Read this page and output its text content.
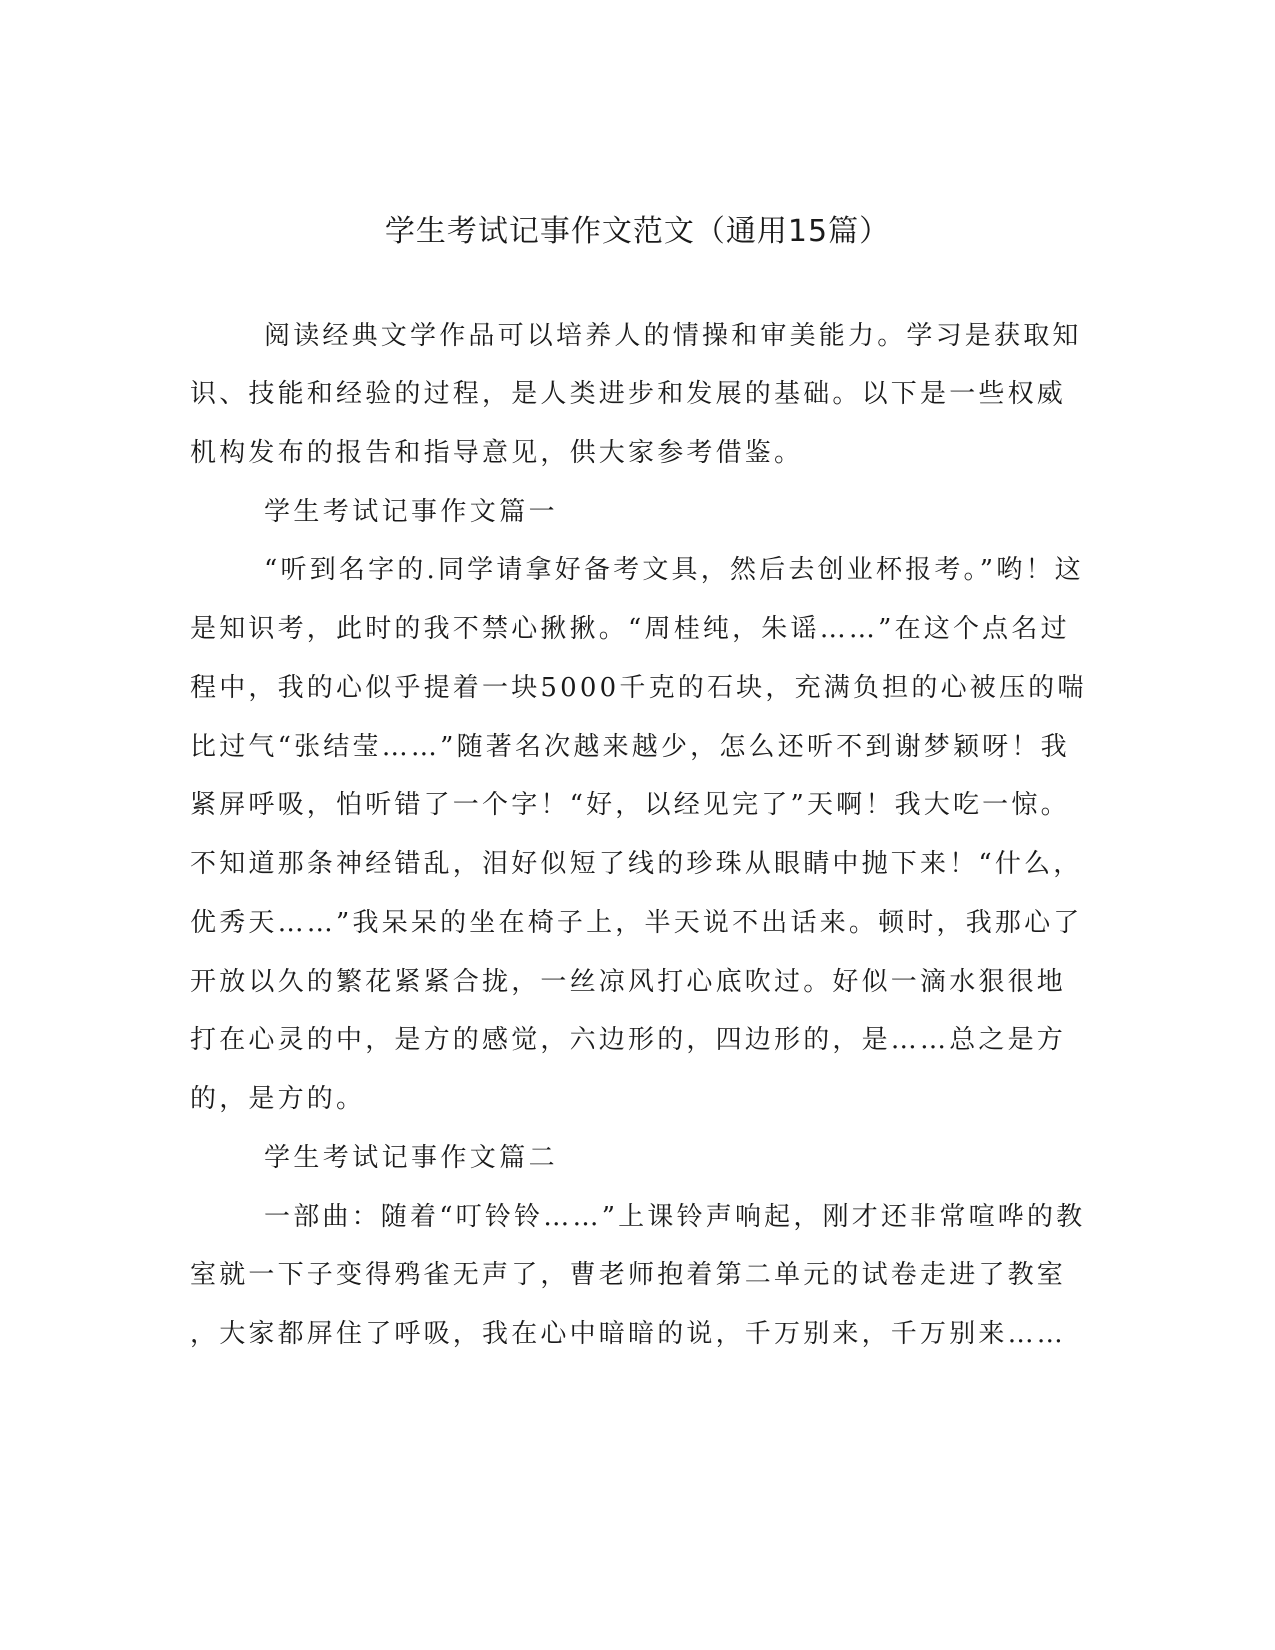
学生考试记事作文范文（通用15篇）
阅读经典文学作品可以培养人的情操和审美能力。学习是获取知
识、技能和经验的过程，是人类进步和发展的基础。以下是一些权威
机构发布的报告和指导意见，供大家参考借鉴。
学生考试记事作文篇一
“听到名字的.同学请拿好备考文具，然后去创业杯报考。”哟！这
是知识考，此时的我不禁心揪揪。“周桂纯，朱谣……”在这个点名过
程中，我的心似乎提着一块5000千克的石块，充满负担的心被压的喘
比过气“张结莹……”随著名次越来越少，怎么还听不到谢梦颖呀！我
紧屏呼吸，怕听错了一个字！“好，以经见完了”天啊！我大吃一惊。
不知道那条神经错乱，泪好似短了线的珍珠从眼睛中抛下来！“什么，
优秀天……”我呆呆的坐在椅子上，半天说不出话来。顿时，我那心了
开放以久的繁花紧紧合拢，一丝凉风打心底吹过。好似一滴水狠很地
打在心灵的中，是方的感觉，六边形的，四边形的，是……总之是方
的，是方的。
学生考试记事作文篇二
一部曲：随着“叮铃铃……”上课铃声响起，刚才还非常喧哗的教
室就一下子变得鸦雀无声了，曹老师抱着第二单元的试卷走进了教室
，大家都屏住了呼吸，我在心中暗暗的说，千万别来，千万别来……
